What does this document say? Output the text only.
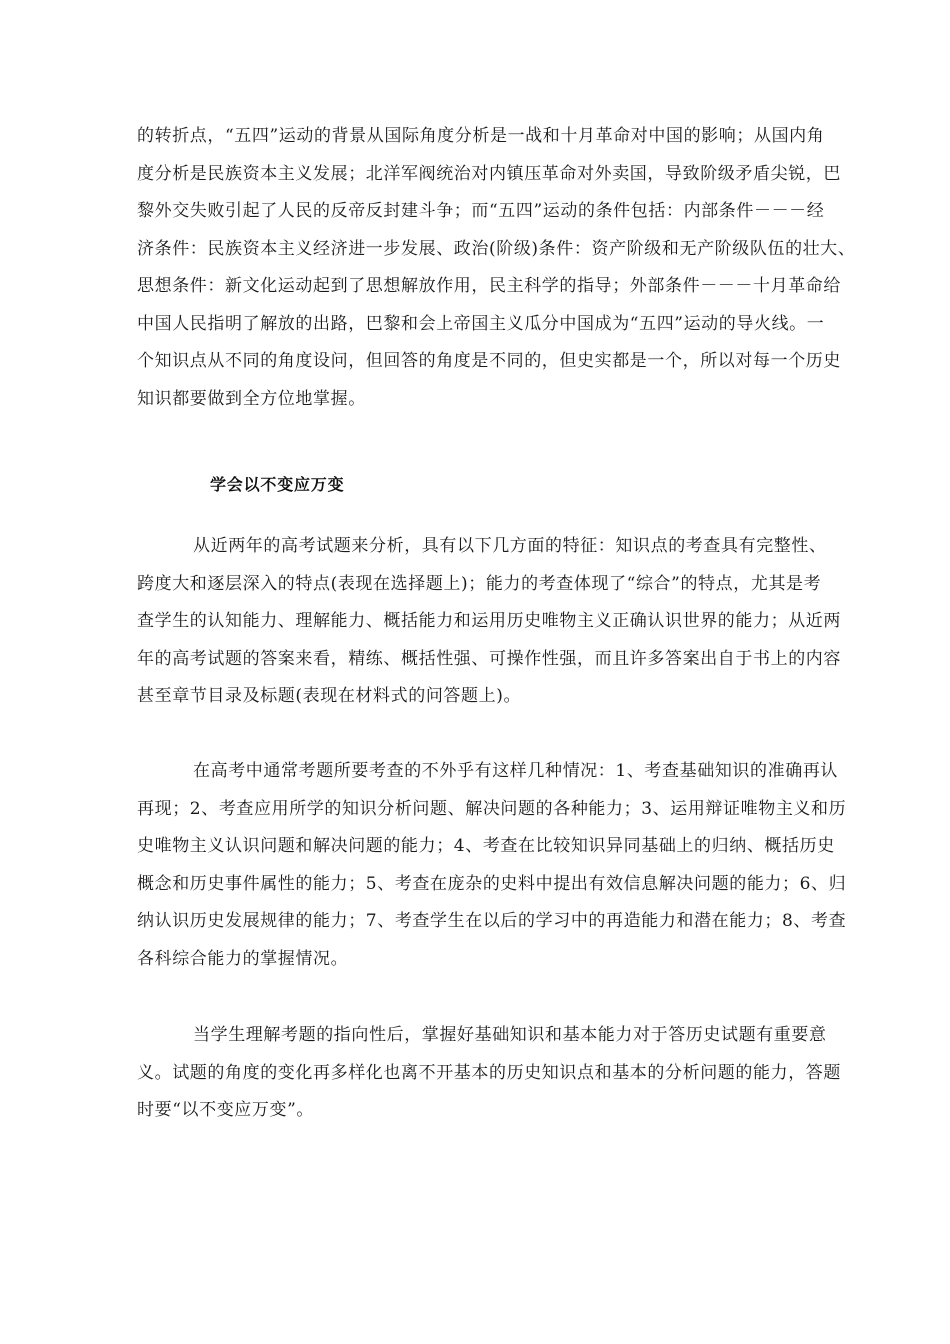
的转折点，“五四”运动的背景从国际角度分析是一战和十月革命对中国的影响；从国内角
度分析是民族资本主义发展；北洋军阀统治对内镇压革命对外卖国，导致阶级矛盾尖锐，巴
黎外交失败引起了人民的反帝反封建斗争；而“五四”运动的条件包括：内部条件－－－经
济条件：民族资本主义经济进一步发展、政治(阶级)条件：资产阶级和无产阶级队伍的壮大、
思想条件：新文化运动起到了思想解放作用，民主科学的指导；外部条件－－－十月革命给
中国人民指明了解放的出路，巴黎和会上帝国主义瓜分中国成为“五四”运动的导火线。一
个知识点从不同的角度设问，但回答的角度是不同的，但史实都是一个，所以对每一个历史
知识都要做到全方位地掌握。
学会以不变应万变
从近两年的高考试题来分析，具有以下几方面的特征：知识点的考查具有完整性、
跨度大和逐层深入的特点(表现在选择题上)；能力的考查体现了“综合”的特点，尤其是考
查学生的认知能力、理解能力、概括能力和运用历史唯物主义正确认识世界的能力；从近两
年的高考试题的答案来看，精练、概括性强、可操作性强，而且许多答案出自于书上的内容
甚至章节目录及标题(表现在材料式的问答题上)。
在高考中通常考题所要考查的不外乎有这样几种情况：1、考查基础知识的准确再认
再现；2、考查应用所学的知识分析问题、解决问题的各种能力；3、运用辩证唯物主义和历
史唯物主义认识问题和解决问题的能力；4、考查在比较知识异同基础上的归纳、概括历史
概念和历史事件属性的能力；5、考查在庞杂的史料中提出有效信息解决问题的能力；6、归
纳认识历史发展规律的能力；7、考查学生在以后的学习中的再造能力和潜在能力；8、考查
各科综合能力的掌握情况。
当学生理解考题的指向性后，掌握好基础知识和基本能力对于答历史试题有重要意
义。试题的角度的变化再多样化也离不开基本的历史知识点和基本的分析问题的能力，答题
时要“以不变应万变”。
